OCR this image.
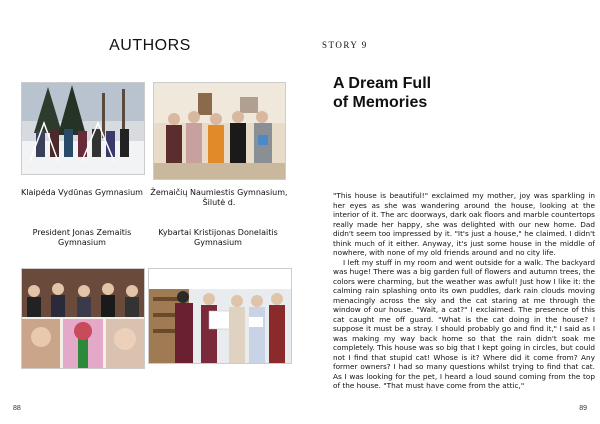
AUTHORS
Klaipėda Vydūnas Gymnasium Žemaičių Naumiestis Gymnasium, Šilutė d.
President Jonas Zemaitis Gymnasium
Kybartai Kristijonas Donelaitis Gymnasium
88
STORY 9
A Dream Full
of Memories

"This house is beautiful!" exclaimed my mother, joy was sparkling in her eyes as she was wandering around the house, looking at the interior of it. The arc doorways, dark oak floors and marble countertops really made her happy, she was delighted with our new home. Dad didn't seem too impressed by it. "It's just a house," he claimed. I didn't think much of it either. Anyway, it's just some house in the middle of nowhere, with none of my old friends around and no city life.

I left my stuff in my room and went outside for a walk. The backyard was huge! There was a big garden full of flowers and autumn trees, the colors were charming, but the weather was awful! Just how I like it: the calming rain splashing onto its own puddles, dark rain clouds moving menacingly across the sky and the cat staring at me through the window of our house. "Wait, a cat?" I exclaimed. The presence of this cat caught me off guard. "What is the cat doing in the house? I suppose it must be a stray. I should probably go and find it," I said as I was making my way back home so that the rain didn't soak me completely. This house was so big that I kept going in circles, but could not I find that stupid cat! Whose is it? Where did it come from? Any former owners? I had so many questions whilst trying to find that cat. As I was looking for the pet, I heard a loud sound coming from the top of the house. "That must have come from the attic,"

89
